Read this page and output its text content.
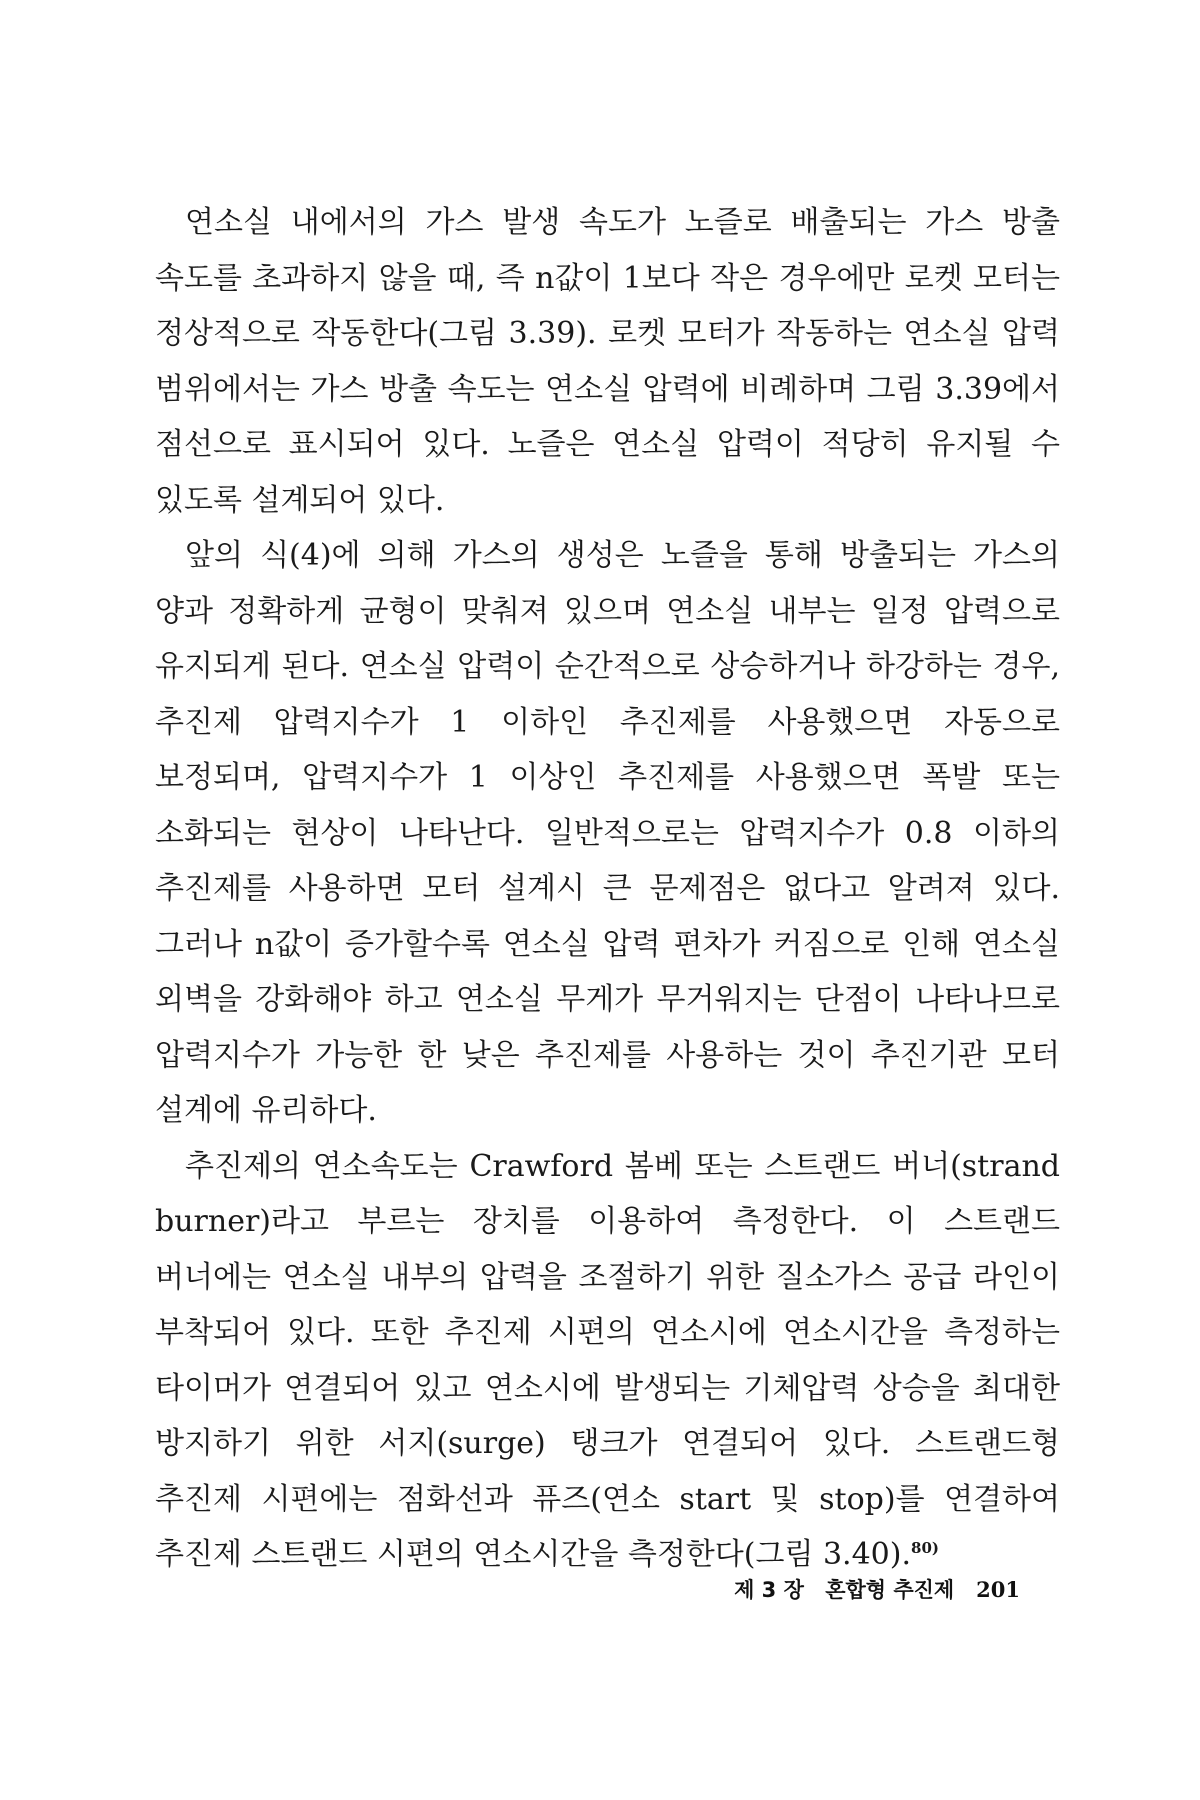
연소실 내에서의 가스 발생 속도가 노즐로 배출되는 가스 방출 속도를 초과하지 않을 때, 즉 n값이 1보다 작은 경우에만 로켓 모터는 정상적으로 작동한다(그림 3.39). 로켓 모터가 작동하는 연소실 압력 범위에서는 가스 방출 속도는 연소실 압력에 비례하며 그림 3.39에서 점선으로 표시되어 있다. 노즐은 연소실 압력이 적당히 유지될 수 있도록 설계되어 있다.

앞의 식(4)에 의해 가스의 생성은 노즐을 통해 방출되는 가스의 양과 정확하게 균형이 맞춰져 있으며 연소실 내부는 일정 압력으로 유지되게 된다. 연소실 압력이 순간적으로 상승하거나 하강하는 경우, 추진제 압력지수가 1 이하인 추진제를 사용했으면 자동으로 보정되며, 압력지수가 1 이상인 추진제를 사용했으면 폭발 또는 소화되는 현상이 나타난다. 일반적으로는 압력지수가 0.8 이하의 추진제를 사용하면 모터 설계시 큰 문제점은 없다고 알려져 있다. 그러나 n값이 증가할수록 연소실 압력 편차가 커짐으로 인해 연소실 외벽을 강화해야 하고 연소실 무게가 무거워지는 단점이 나타나므로 압력지수가 가능한 한 낮은 추진제를 사용하는 것이 추진기관 모터 설계에 유리하다.

추진제의 연소속도는 Crawford 봄베 또는 스트랜드 버너(strand burner)라고 부르는 장치를 이용하여 측정한다. 이 스트랜드 버너에는 연소실 내부의 압력을 조절하기 위한 질소가스 공급 라인이 부착되어 있다. 또한 추진제 시편의 연소시에 연소시간을 측정하는 타이머가 연결되어 있고 연소시에 발생되는 기체압력 상승을 최대한 방지하기 위한 서지(surge) 탱크가 연결되어 있다. 스트랜드형 추진제 시편에는 점화선과 퓨즈(연소 start 및 stop)를 연결하여 추진제 스트랜드 시편의 연소시간을 측정한다(그림 3.40).$^{80)}$

제 3 장 혼합형 추진제 201
